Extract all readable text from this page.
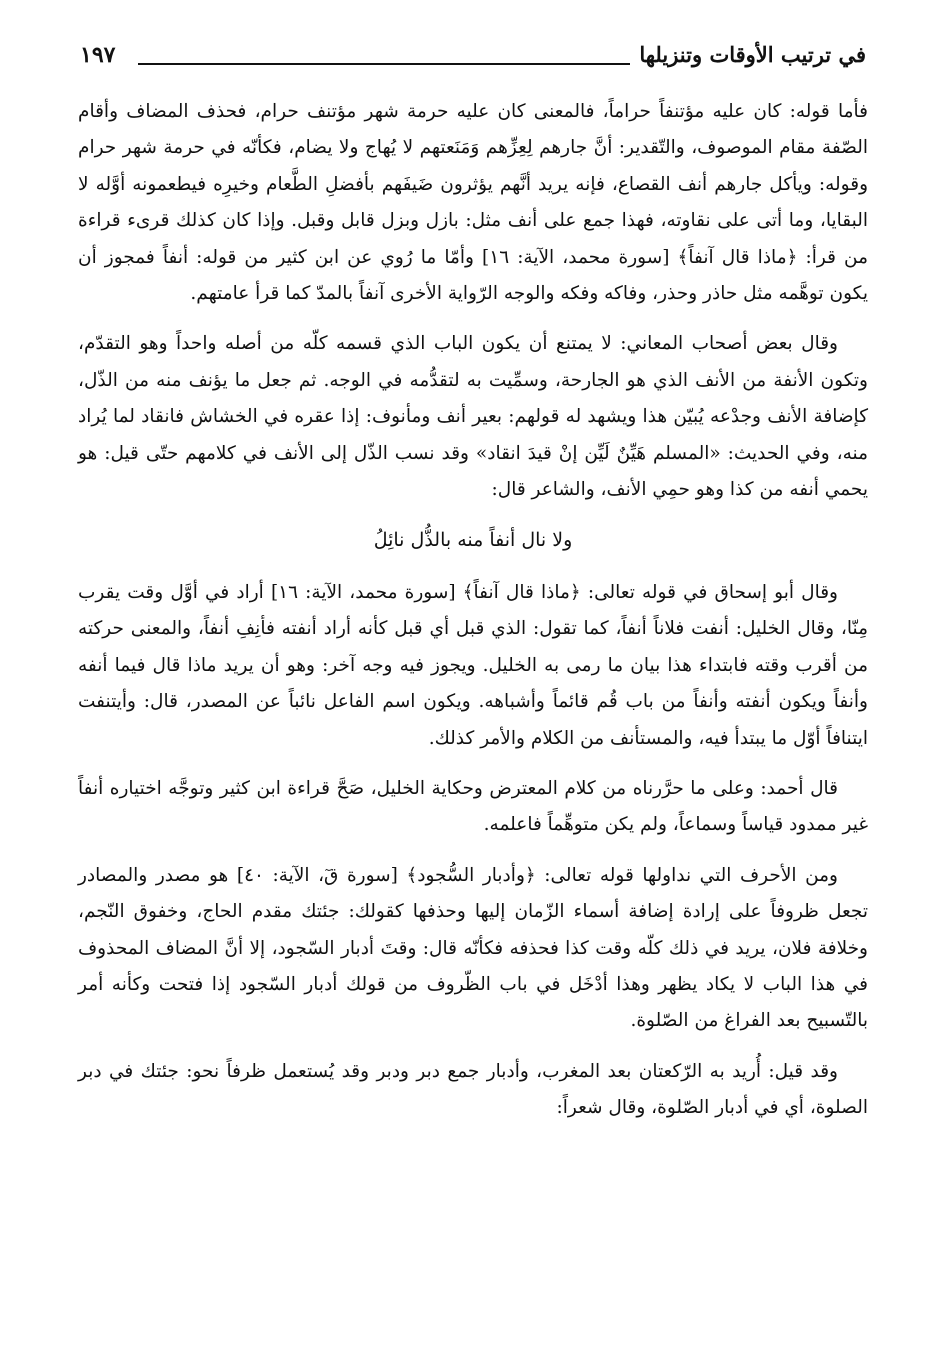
في ترتيب الأوقات وتنزيلها
١٩٧

فأما قوله: كان عليه مؤتنفاً حراماً، فالمعنى كان عليه حرمة شهر مؤتنف حرام، فحذف المضاف وأقام الصّفة مقام الموصوف، والتّقدير: أنَّ جارهم لِعِزِّهم وَمَنَعتهم لا يُهاج ولا يضام، فكأنّه في حرمة شهر حرام وقوله: ويأكل جارهم أنف القصاع، فإنه يريد أنَّهم يؤثرون ضَيفَهم بأفضلِ الطَّعام وخيرِه فيطعمونه أوَّله لا البقايا، وما أتى على نقاوته، فهذا جمع على أنف مثل: بازل وبزل قابل وقبل. وإذا كان كذلك قرىء قراءة من قرأ: ﴿ماذا قال آنفاً﴾ [سورة محمد، الآية: ١٦] وأمّا ما رُوي عن ابن كثير من قوله: أنفاً فمجوز أن يكون توهَّمه مثل حاذر وحذر، وفاكه وفكه والوجه الرّواية الأخرى آنفاً بالمدّ كما قرأ عامتهم.

وقال بعض أصحاب المعاني: لا يمتنع أن يكون الباب الذي قسمه كلّه من أصله واحداً وهو التقدّم، وتكون الأنفة من الأنف الذي هو الجارحة، وسمِّيت به لتقدُّمه في الوجه. ثم جعل ما يؤنف منه من الذّل، كإضافة الأنف وجدْعه يُبيّن هذا ويشهد له قولهم: بعير أنف ومأنوف: إذا عقره في الخشاش فانقاد لما يُراد منه، وفي الحديث: «المسلم هَيِّنٌ لَيِّن إنْ قيدَ انقاد» وقد نسب الذّل إلى الأنف في كلامهم حتّى قيل: هو يحمي أنفه من كذا وهو حمِي الأنف، والشاعر قال:

ولا نال أنفاً منه بالذُّل نائِلُ

وقال أبو إسحاق في قوله تعالى: ﴿ماذا قال آنفاً﴾ [سورة محمد، الآية: ١٦] أراد في أوَّل وقت يقرب مِنّا، وقال الخليل: أنفت فلاناً أنفاً، كما تقول: الذي قبل أي قبل كأنه أراد أنفته فأنِفِ أنفاً، والمعنى حركته من أقرب وقته فابتداء هذا بيان ما رمى به الخليل. ويجوز فيه وجه آخر: وهو أن يريد ماذا قال فيما أنفه وأنفاً ويكون أنفته وأنفاً من باب قُم قائماً وأشباهه. ويكون اسم الفاعل نائباً عن المصدر، قال: وأيتنفت ايتنافاً أوّل ما يبتدأ فيه، والمستأنف من الكلام والأمر كذلك.

قال أحمد: وعلى ما حرَّرناه من كلام المعترض وحكاية الخليل، صَحَّ قراءة ابن كثير وتوجَّه اختياره أنفاً غير ممدود قياساً وسماعاً، ولم يكن متوهِّماً فاعلمه.

ومن الأحرف التي نداولها قوله تعالى: ﴿وأدبار السُّجود﴾ [سورة قٓ، الآية: ٤٠] هو مصدر والمصادر تجعل ظروفاً على إرادة إضافة أسماء الزّمان إليها وحذفها كقولك: جئتك مقدم الحاج، وخفوق النّجم، وخلافة فلان، يريد في ذلك كلّه وقت كذا فحذفه فكأنّه قال: وقتَ أدبار السّجود، إلا أنَّ المضاف المحذوف في هذا الباب لا يكاد يظهر وهذا أدْخَل في باب الظّروف من قولك أدبار السّجود إذا فتحت وكأنه أمر بالتّسبيح بعد الفراغ من الصّلوة.

وقد قيل: أُريد به الرّكعتان بعد المغرب، وأدبار جمع دبر ودبر وقد يُستعمل ظرفاً نحو: جئتك في دبر الصلوة، أي في أدبار الصّلوة، وقال شعراً:
